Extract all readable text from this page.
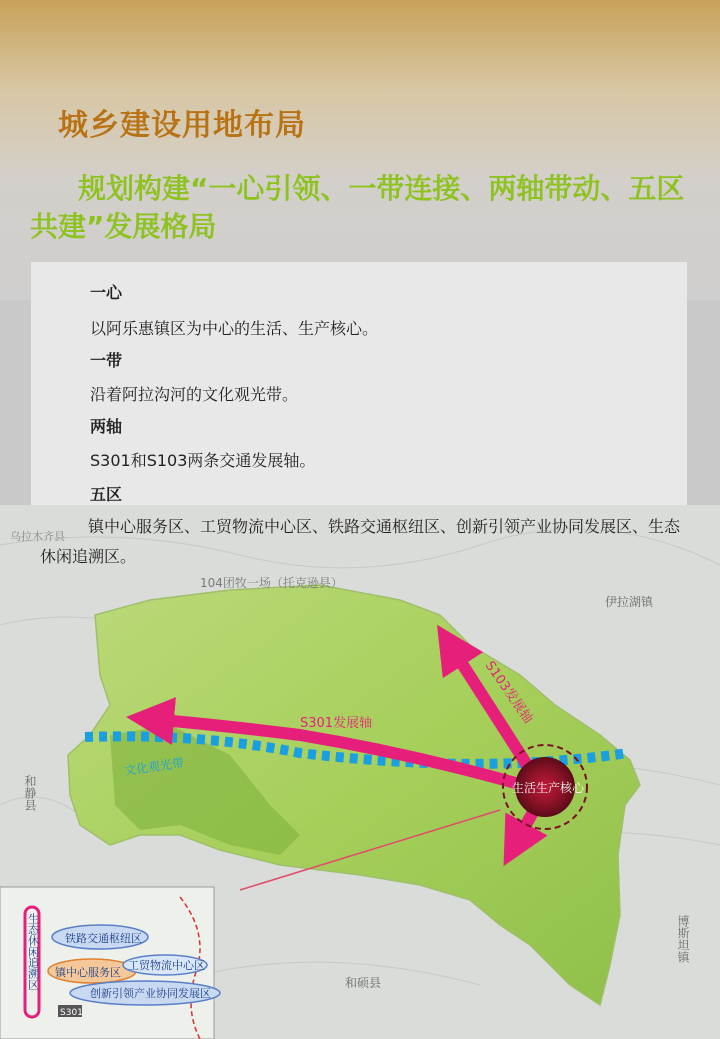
城乡建设用地布局
规划构建“一心引领、一带连接、两轴带动、五区共建”发展格局
一心
以阿乐惠镇区为中心的生活、生产核心。
一带
沿着阿拉沟河的文化观光带。
两轴
S301和S103两条交通发展轴。
五区
104团牧一场（托克逊县）
乌拉木齐县
伊拉湖镇
和静县
和硕县
博斯坦镇
S103发展轴
S301发展轴
文化观光带
生活生产核心
铁路交通枢纽区
镇中心服务区
工贸物流中心区
创新引领产业协同发展区
生态休闲追溯区
S301
镇中心服务区、工贸物流中心区、铁路交通枢纽区、创新引领产业协同发展区、生态休闲追溯区。
